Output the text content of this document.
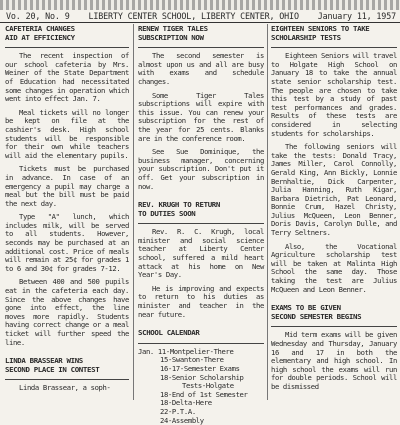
Vo. 20, No. 9 LIBERTY CENTER SCHOOL, LIBERTY CENTER, OHIO January 11, 1957
CAFETERIA CHANGES
AID AT EFFICIENCY

The recent inspection of our school cafeteria by Mrs. Weiner of the State Department of Education had necessitated some changes in operation which went into effect Jan. 7.

Meal tickets will no longer be kept on file at the cashier's desk. High school students will be responsible for their own while teachers will aid the elementary pupils.

Tickets must be purchased in advance. In case of an emergency a pupil may charge a meal but the bill must be paid the next day.

Type "A" lunch, which includes milk, will be served to all students. However, seconds may be purchased at an additional cost. Price of meals will remain at 25¢ for grades 1 to 6 and 30¢ for grades 7-12.

Between 400 and 500 pupils eat in the cafeteria each day. Since the above changes have gone into effect, the line moves more rapidly. Students having correct change or a meal ticket will further speed the line.

LINDA BRASSEAR WINS
SECOND PLACE IN CONTEST

Linda Brassear, a soph-

RENEW TIGER TALES
SUBSCRIPTION NOW

The second semester is almost upon us and all are busy with exams and schedule changes.

Some Tiger Tales subscriptions will expire with this issue. You can renew your subscription for the rest of the year for 25 cents. Blanks are in the conference room.

See Sue Dominique, the business manager, concerning your subscription. Don't put it off. Get your subscription in now.

REV. KRUGH TO RETURN
TO DUTIES SOON

Rev. R. C. Krugh, local minister and social science teacher at Liberty Center school, suffered a mild heart attack at his home on New Year's Day.

He is improving and expects to return to his duties as minister and teacher in the near future.

SCHOOL CALENDAR
Jan. 11-Montpelier-There
15-Swanton-There
16-17-Semester Exams
18-Senior Scholarship
Tests-Holgate
18-End of 1st Semester
18-Delta-Here
22-P.T.A.
24-Assembly
EIGHTEEN SENIORS TO TAKE
SCHOLARSHIP TESTS

Eighteen Seniors will travel to Holgate High School on January 18 to take the annual state senior scholarship test. The people are chosen to take this test by a study of past test performances and grades. Results of these tests are considered in selecting students for scholarships.

The following seniors will take the tests: Donald Tracy, James Miller, Carol Connolly, Gerald King, Ann Bickly, Lonnie Bernhaltie, Dick Carpenter, Julia Hanning, Ruth Kigar, Barbara Dietrich, Pat Leonard, Bonnie Crum, Hazel Christy, Julius McQueen, Leon Benner, Doris Davis, Carolyn Dulle, and Terry Seltners.

Also, the Vocational Agriculture scholarship test will be taken at Malinta High School the same day. Those taking the test are Julius McQueen and Leon Benner.

EXAMS TO BE GIVEN
SECOND SEMESTER BEGINS

Mid term exams will be given Wednesday and Thursday, January 16 and 17 in both the elementary and high school. In high school the exams will run for double periods. School will be dismissed
